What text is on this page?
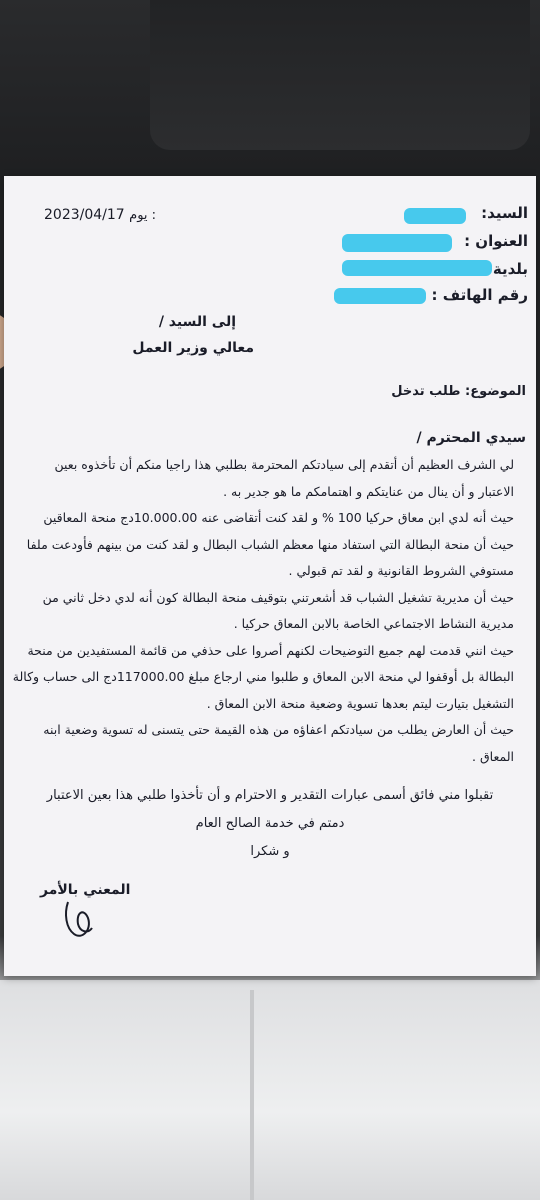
السيد:
العنوان :
بلدية
رقم الهاتف :
2023/04/17 يوم :
إلى السيد /
معالي وزير العمل
الموضوع: طلب تدخل
سيدي المحترم /
لي الشرف العظيم أن أتقدم إلى سيادتكم المحترمة بطلبي هذا راجيا منكم أن تأخذوه بعين
الاعتبار و أن ينال من عنايتكم و اهتمامكم ما هو جدير به .
حيث أنه لدي ابن معاق حركيا 100 % و لقد كنت أتقاضى عنه 10.000.00دج منحة المعاقين
حيث أن منحة البطالة التي استفاد منها معظم الشباب البطال و لقد كنت من بينهم فأودعت ملفا
مستوفي الشروط القانونية و لقد تم قبولي .
حيث أن مديرية تشغيل الشباب قد أشعرتني بتوقيف منحة البطالة كون أنه لدي دخل ثاني من
مديرية النشاط الاجتماعي الخاصة بالابن المعاق حركيا .
حيث انني قدمت لهم جميع التوضيحات لكنهم أصروا على حذفي من قائمة المستفيدين من منحة
البطالة بل أوقفوا لي منحة الابن المعاق و طلبوا مني ارجاع مبلغ 117000.00دج الى حساب وكالة
التشغيل بتيارت ليتم بعدها تسوية وضعية منحة الابن المعاق .
حيث أن العارض يطلب من سيادتكم اعفاؤه من هذه القيمة حتى يتسنى له تسوية وضعية ابنه
المعاق .
تقبلوا مني فائق أسمى عبارات التقدير و الاحترام و أن تأخذوا طلبي هذا بعين الاعتبار
دمتم في خدمة الصالح العام
و شكرا
المعني بالأمر
